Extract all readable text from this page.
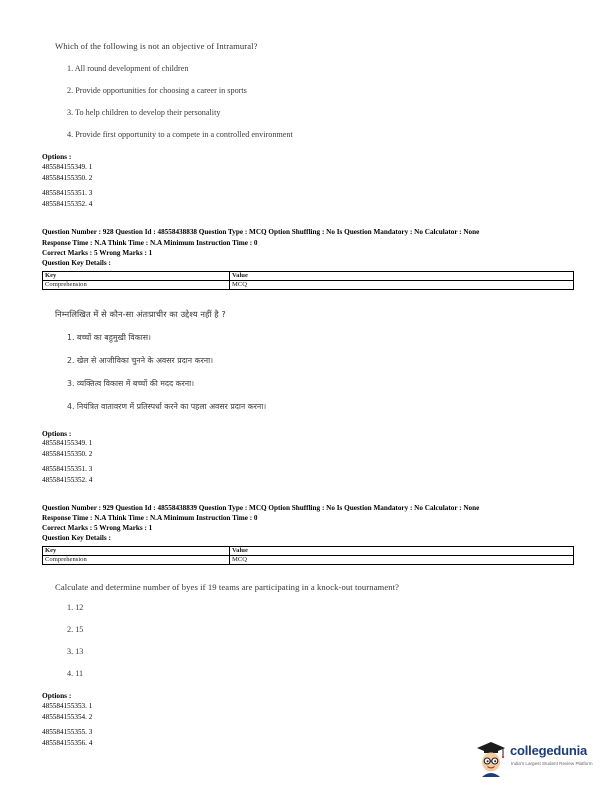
Which of the following is not an objective of Intramural?
1. All round development of children
2. Provide opportunities for choosing a career in sports
3. To help children to develop their personality
4. Provide first opportunity to a compete in a controlled environment
Options :
485584155349. 1
485584155350. 2
485584155351. 3
485584155352. 4
Question Number : 928 Question Id : 48558438838 Question Type : MCQ Option Shuffling : No Is Question Mandatory : No Calculator : None
Response Time : N.A Think Time : N.A Minimum Instruction Time : 0
Correct Marks : 5 Wrong Marks : 1
Question Key Details :
Key	Value
Comprehension	MCQ
निम्नलिखित में से कौन-सा अंतःप्राचीर का उद्देश्य नहीं है ?
1. बच्चों का बहुमुखी विकास।
2. खेल से आजीविका चुनने के अवसर प्रदान करना।
3. व्यक्तित्व विकास में बच्चों की मदद करना।
4. नियंत्रित वातावरण में प्रतिस्पर्धा करने का पहला अवसर प्रदान करना।
Options :
485584155349. 1
485584155350. 2
485584155351. 3
485584155352. 4
Question Number : 929 Question Id : 48558438839 Question Type : MCQ Option Shuffling : No Is Question Mandatory : No Calculator : None
Response Time : N.A Think Time : N.A Minimum Instruction Time : 0
Correct Marks : 5 Wrong Marks : 1
Question Key Details :
Key	Value
Comprehension	MCQ
Calculate and determine number of byes if 19 teams are participating in a knock-out tournament?
1. 12
2. 15
3. 13
4. 11
Options :
485584155353. 1
485584155354. 2
485584155355. 3
485584155356. 4	collegedunia
India's Largest Student Review Platform
